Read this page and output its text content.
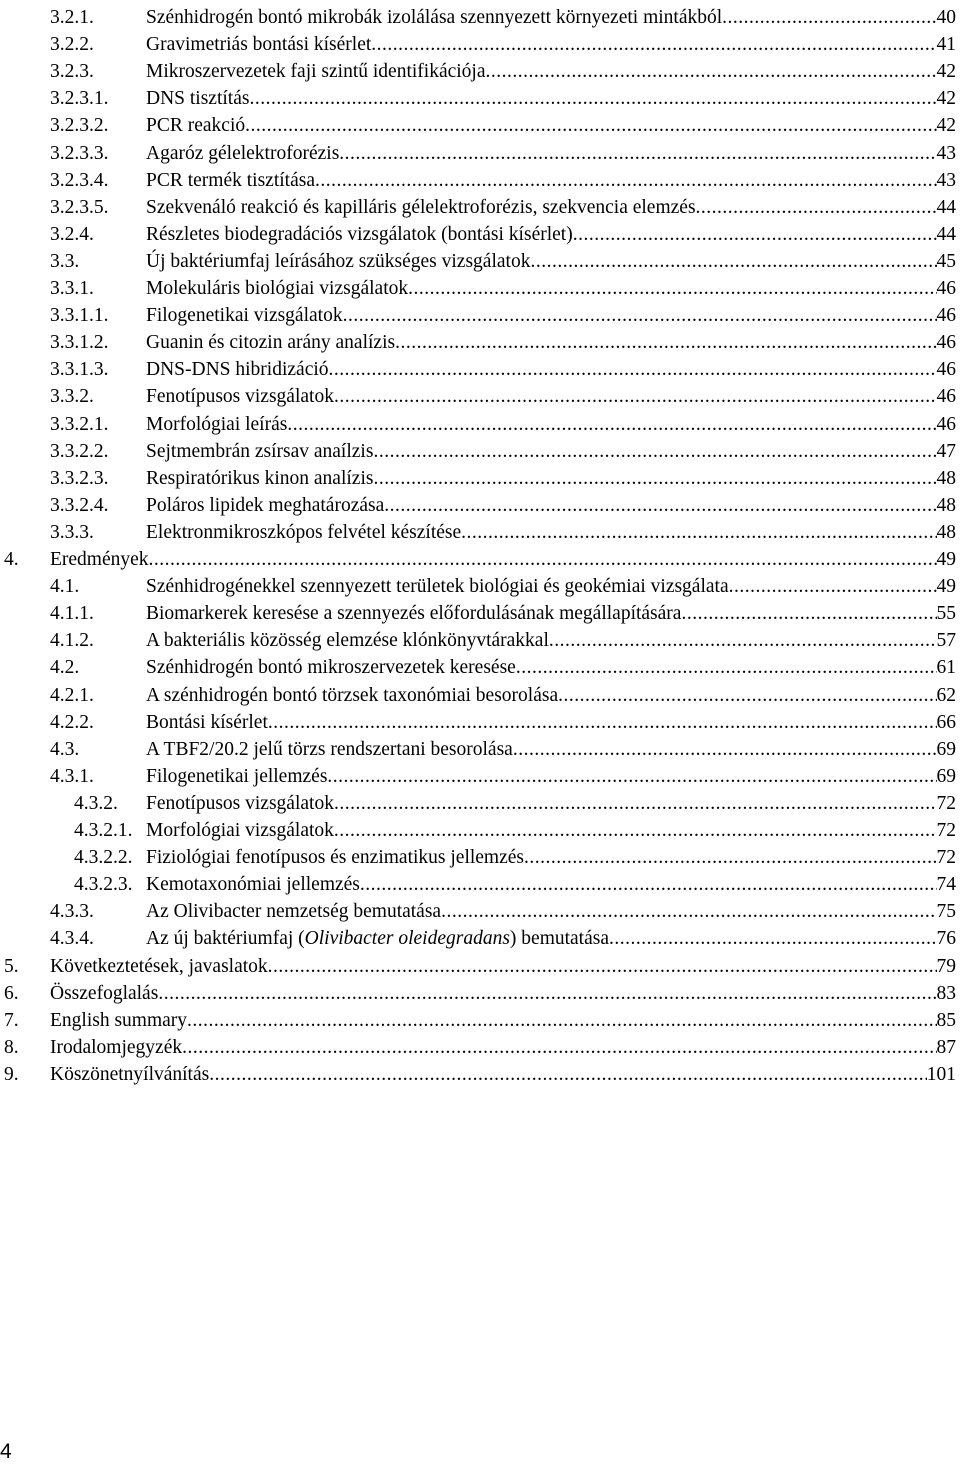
3.2.1.	Szénhidrogén bontó mikrobák izolálása szennyezett környezeti mintákból .....	40
3.2.2.	Gravimetriás bontási kísérlet .....	41
3.2.3.	Mikroszervezetek faji szintű identifikációja .....	42
3.2.3.1.	DNS tisztítás .....	42
3.2.3.2.	PCR reakció .....	42
3.2.3.3.	Agaróz gélelektroforézis .....	43
3.2.3.4.	PCR termék tisztítása .....	43
3.2.3.5.	Szekvenáló reakció és kapilláris gélelektroforézis, szekvencia elemzés .....	44
3.2.4.	Részletes biodegradációs vizsgálatok (bontási kísérlet) .....	44
3.3.	Új baktériumfaj leírásához szükséges vizsgálatok .....	45
3.3.1.	Molekuláris biológiai vizsgálatok .....	46
3.3.1.1.	Filogenetikai vizsgálatok .....	46
3.3.1.2.	Guanin és citozin arány analízis .....	46
3.3.1.3.	DNS-DNS hibridizáció .....	46
3.3.2.	Fenotípusos vizsgálatok .....	46
3.3.2.1.	Morfológiai leírás .....	46
3.3.2.2.	Sejtmembrán zsírsav anaílzis .....	47
3.3.2.3.	Respiratórikus kinon analízis .....	48
3.3.2.4.	Poláros lipidek meghatározása .....	48
3.3.3.	Elektronmikroszkópos felvétel készítése .....	48
4.	Eredmények .....	49
4.1.	Szénhidrogénekkel szennyezett területek biológiai és geokémiai vizsgálata .....	49
4.1.1.	Biomarkerek keresése a szennyezés előfordulásának megállapítására .....	55
4.1.2.	A bakteriális közösség elemzése klónkönyvtárakkal .....	57
4.2.	Szénhidrogén bontó mikroszervezetek keresése .....	61
4.2.1.	A szénhidrogén bontó törzsek taxonómiai besorolása .....	62
4.2.2.	Bontási kísérlet .....	66
4.3.	A TBF2/20.2 jelű törzs rendszertani besorolása .....	69
4.3.1.	Filogenetikai jellemzés .....	69
4.3.2.	Fenotípusos vizsgálatok .....	72
4.3.2.1. Morfológiai vizsgálatok .....	72
4.3.2.2. Fiziológiai fenotípusos és enzimatikus jellemzés .....	72
4.3.2.3. Kemotaxonómiai jellemzés .....	74
4.3.3.	Az Olivibacter nemzetség bemutatása .....	75
4.3.4.	Az új baktériumfaj (Olivibacter oleidegradans) bemutatása .....	76
5.	Következtetések, javaslatok .....	79
6.	Összefoglalás .....	83
7.	English summary .....	85
8.	Irodalomjegyzék .....	87
9.	Köszönetnyílvánítás .....	101
4
